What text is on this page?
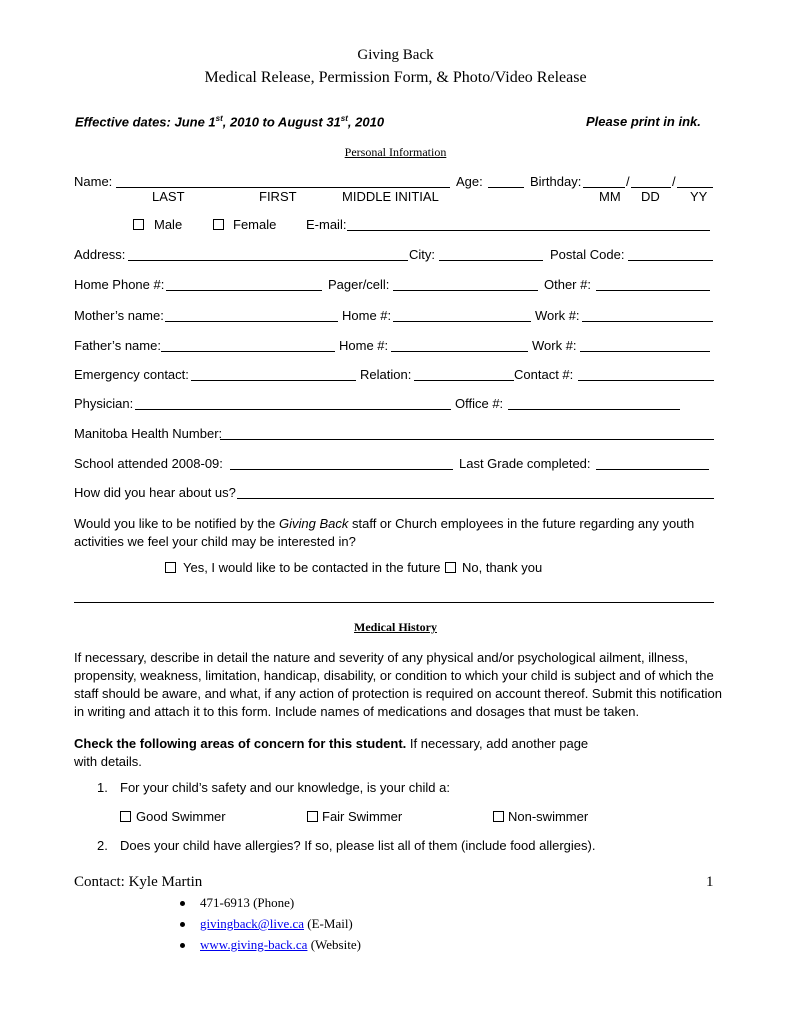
Giving Back
Medical Release, Permission Form, & Photo/Video Release
Effective dates: June 1st, 2010 to August 31st, 2010	Please print in ink.
Personal Information
Name:	Age:	Birthday:	/	/
LAST	FIRST	MIDDLE INITIAL	MM DD YY
Male	Female E-mail:
Address:	City:	Postal Code:
Home Phone #:	Pager/cell:	Other #:
Mother’s name:	Home #:	Work #:
Father’s name:	Home #:	Work #:
Emergency contact:	Relation:	Contact #:
Physician:	Office #:
Manitoba Health Number:
School attended 2008-09:	Last Grade completed:
How did you hear about us?
Would you like to be notified by the Giving Back staff or Church employees in the future regarding any youth activities we feel your child may be interested in?
Yes, I would like to be contacted in the future No, thank you
Medical History
If necessary, describe in detail the nature and severity of any physical and/or psychological ailment, illness, propensity, weakness, limitation, handicap, disability, or condition to which your child is subject and of which the staff should be aware, and what, if any action of protection is required on account thereof. Submit this notification in writing and attach it to this form. Include names of medications and dosages that must be taken.
Check the following areas of concern for this student. If necessary, add another page with details.
1. For your child’s safety and our knowledge, is your child a:
Good Swimmer	Fair Swimmer	Non-swimmer
2. Does your child have allergies? If so, please list all of them (include food allergies).
Contact: Kyle Martin	1
471-6913 (Phone)
givingback@live.ca (E-Mail)
www.giving-back.ca (Website)
